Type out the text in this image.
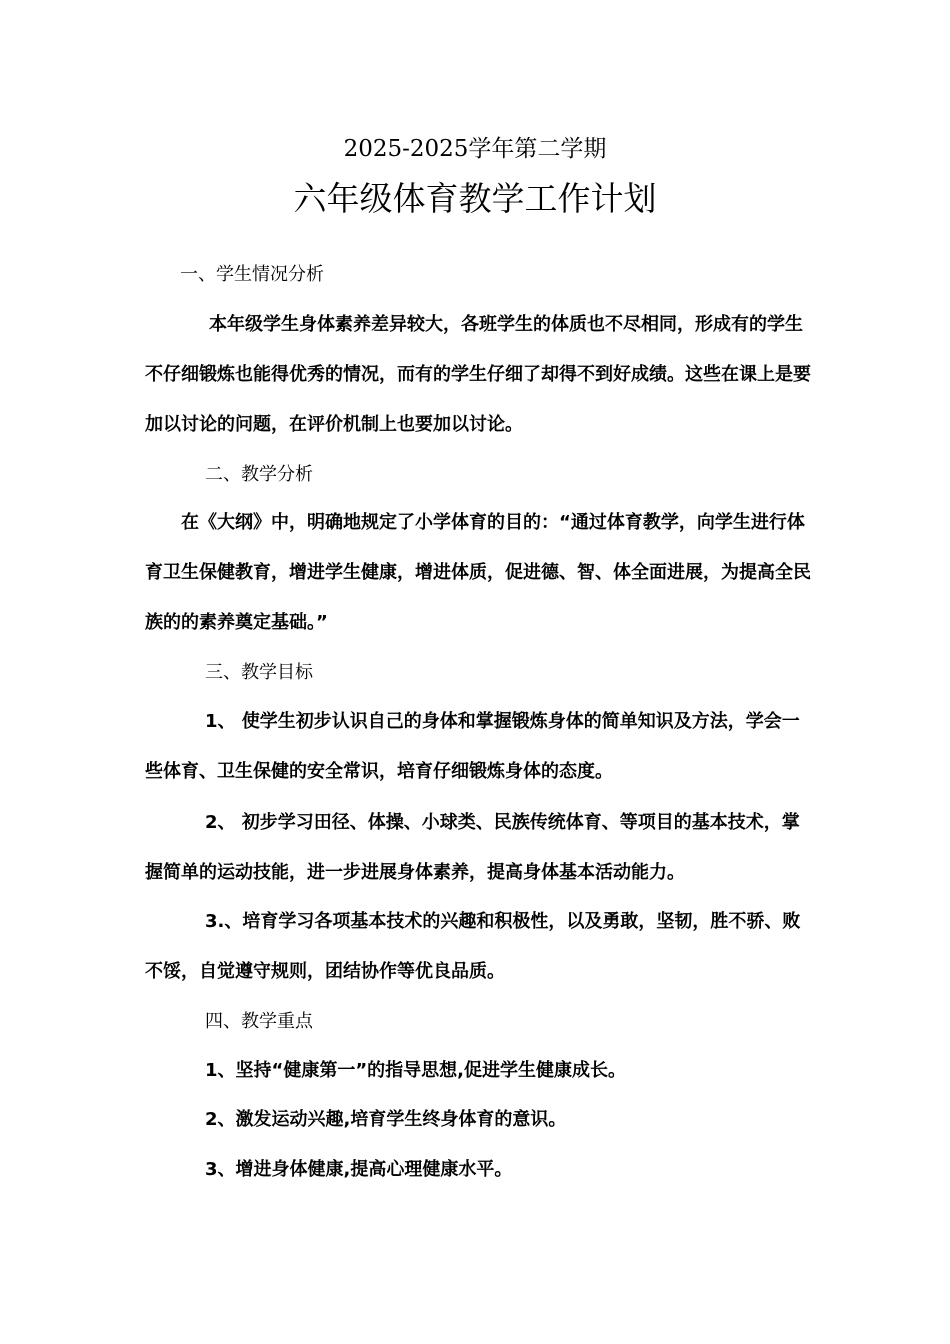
2025-2025学年第二学期
六年级体育教学工作计划
一、学生情况分析

本年级学生身体素养差异较大，各班学生的体质也不尽相同，形成有的学生不仔细锻炼也能得优秀的情况，而有的学生仔细了却得不到好成绩。这些在课上是要加以讨论的问题，在评价机制上也要加以讨论。

二、教学分析

在《大纲》中，明确地规定了小学体育的目的：“通过体育教学，向学生进行体育卫生保健教育，增进学生健康，增进体质，促进德、智、体全面进展，为提高全民族的的素养奠定基础。”

三、教学目标

1、 使学生初步认识自己的身体和掌握锻炼身体的简单知识及方法，学会一些体育、卫生保健的安全常识，培育仔细锻炼身体的态度。

2、 初步学习田径、体操、小球类、民族传统体育、等项目的基本技术，掌握简单的运动技能，进一步进展身体素养，提高身体基本活动能力。

3.、培育学习各项基本技术的兴趣和积极性，以及勇敢，坚韧，胜不骄、败不馁，自觉遵守规则，团结协作等优良品质。

四、教学重点
1、坚持“健康第一”的指导思想,促进学生健康成长。
2、激发运动兴趣,培育学生终身体育的意识。
3、增进身体健康,提高心理健康水平。
